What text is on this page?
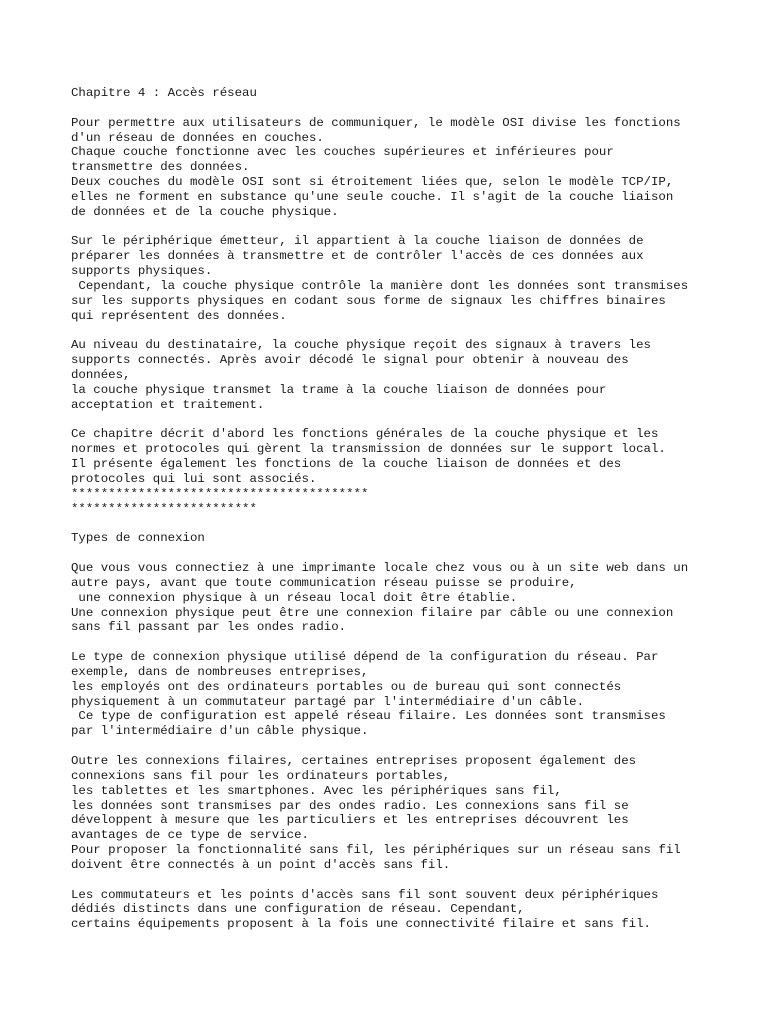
Chapitre 4 : Accès réseau
Pour permettre aux utilisateurs de communiquer, le modèle OSI divise les fonctions
d'un réseau de données en couches.
Chaque couche fonctionne avec les couches supérieures et inférieures pour
transmettre des données.
Deux couches du modèle OSI sont si étroitement liées que, selon le modèle TCP/IP,
elles ne forment en substance qu'une seule couche. Il s'agit de la couche liaison
de données et de la couche physique.
Sur le périphérique émetteur, il appartient à la couche liaison de données de
préparer les données à transmettre et de contrôler l'accès de ces données aux
supports physiques.
Cependant, la couche physique contrôle la manière dont les données sont transmises
sur les supports physiques en codant sous forme de signaux les chiffres binaires
qui représentent des données.
Au niveau du destinataire, la couche physique reçoit des signaux à travers les
supports connectés. Après avoir décodé le signal pour obtenir à nouveau des
données,
la couche physique transmet la trame à la couche liaison de données pour
acceptation et traitement.
Ce chapitre décrit d'abord les fonctions générales de la couche physique et les
normes et protocoles qui gèrent la transmission de données sur le support local.
Il présente également les fonctions de la couche liaison de données et des
protocoles qui lui sont associés.
****************************************
*************************
Types de connexion
Que vous vous connectiez à une imprimante locale chez vous ou à un site web dans un
autre pays, avant que toute communication réseau puisse se produire,
une connexion physique à un réseau local doit être établie.
Une connexion physique peut être une connexion filaire par câble ou une connexion
sans fil passant par les ondes radio.
Le type de connexion physique utilisé dépend de la configuration du réseau. Par
exemple, dans de nombreuses entreprises,
les employés ont des ordinateurs portables ou de bureau qui sont connectés
physiquement à un commutateur partagé par l'intermédiaire d'un câble.
Ce type de configuration est appelé réseau filaire. Les données sont transmises
par l'intermédiaire d'un câble physique.
Outre les connexions filaires, certaines entreprises proposent également des
connexions sans fil pour les ordinateurs portables,
les tablettes et les smartphones. Avec les périphériques sans fil,
les données sont transmises par des ondes radio. Les connexions sans fil se
développent à mesure que les particuliers et les entreprises découvrent les
avantages de ce type de service.
Pour proposer la fonctionnalité sans fil, les périphériques sur un réseau sans fil
doivent être connectés à un point d'accès sans fil.
Les commutateurs et les points d'accès sans fil sont souvent deux périphériques
dédiés distincts dans une configuration de réseau. Cependant,
certains équipements proposent à la fois une connectivité filaire et sans fil.
